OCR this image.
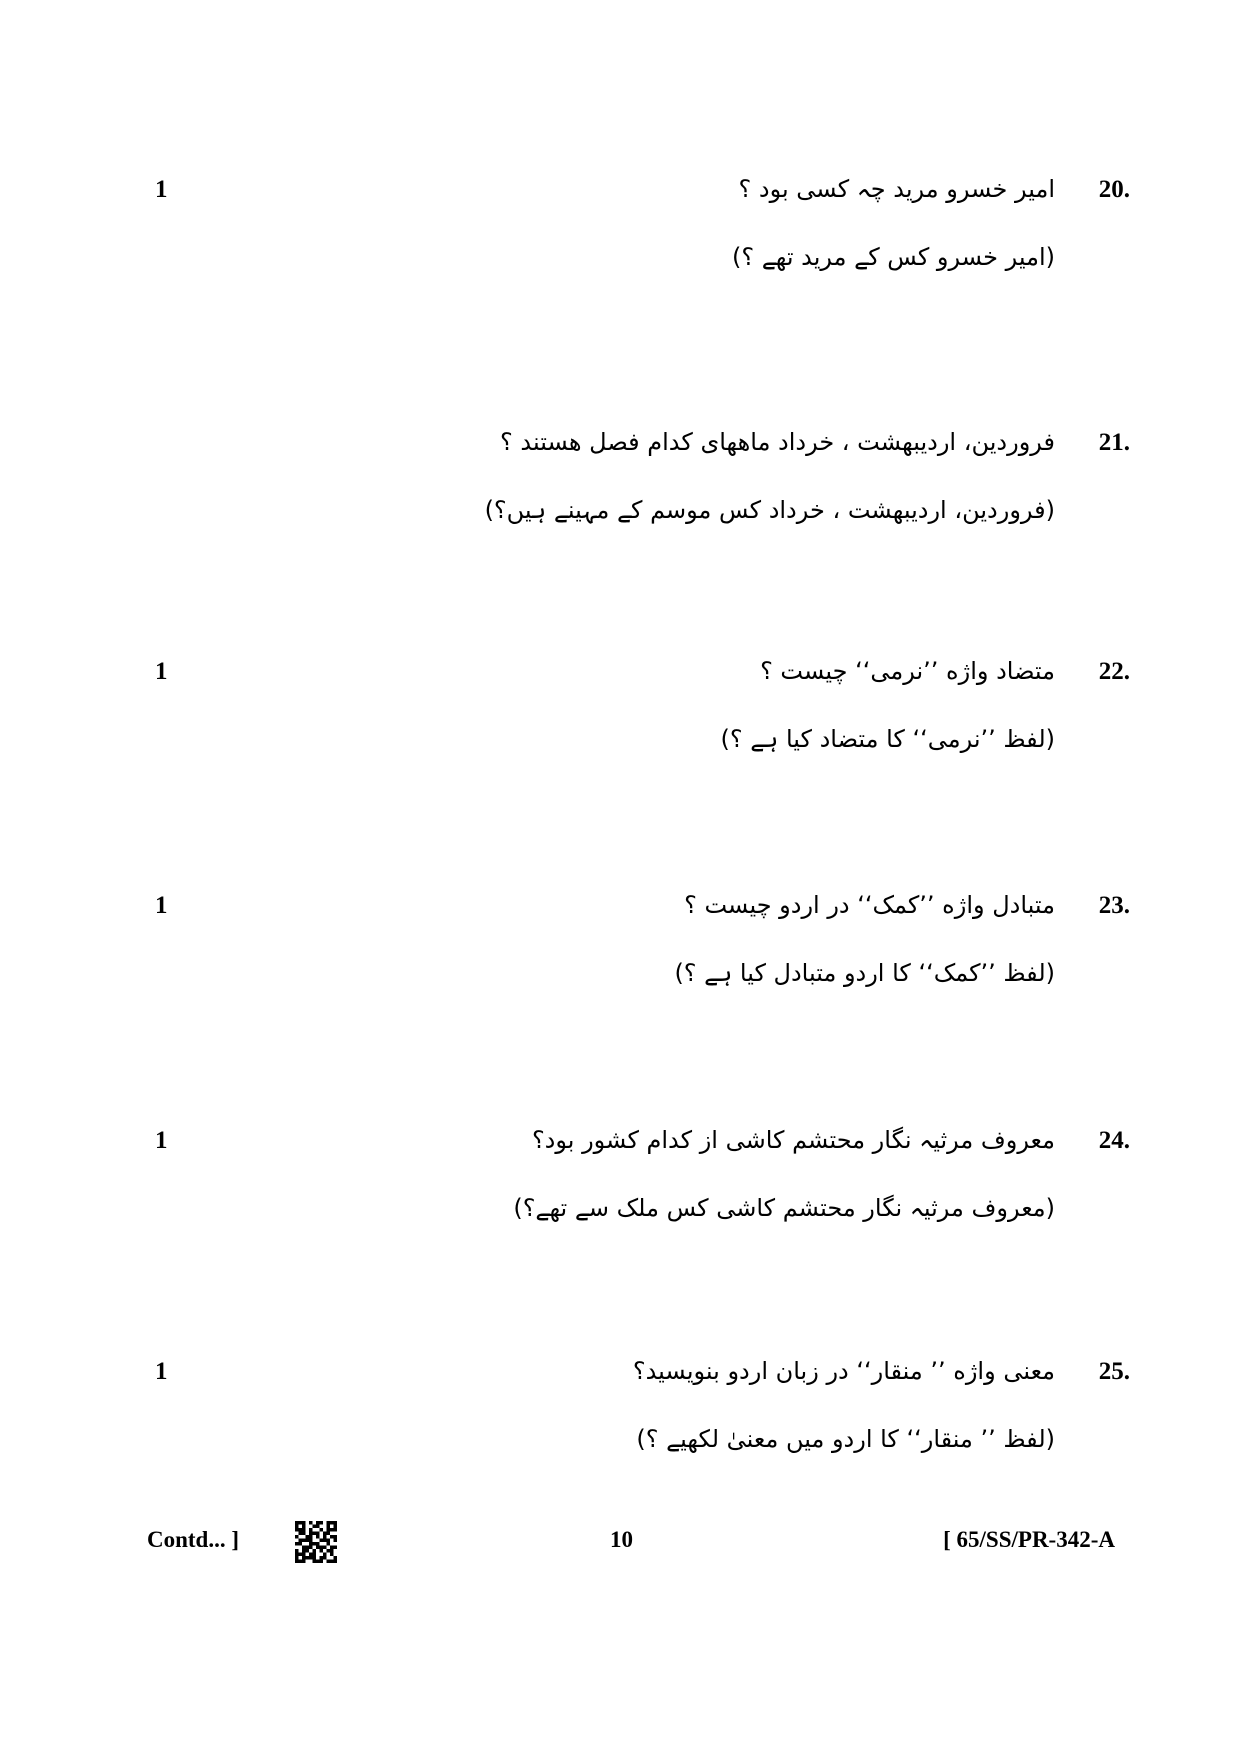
1	20.
امیر خسرو مرید چہ کسی بود ؟
(امیر خسرو کس کے مرید تھے ؟)
21.
فروردین، اردیبهشت ، خرداد ماههای کدام فصل هستند ؟
(فروردین، اردیبهشت ، خرداد کس موسم کے مہینے ہیں؟)
1	22.
متضاد واژه ’’نرمی‘‘ چیست ؟
(لفظ ’’نرمی‘‘ کا متضاد کیا ہے ؟)
1	23.
متبادل واژه ’’کمک‘‘ در اردو چیست ؟
(لفظ ’’کمک‘‘ کا اردو متبادل کیا ہے ؟)
1	24.
معروف مرثیہ نگار محتشم کاشی از کدام کشور بود؟
(معروف مرثیہ نگار محتشم کاشی کس ملک سے تھے؟)
1	25.
معنی واژه ’’ منقار‘‘ در زبان اردو بنویسید؟
(لفظ ’’ منقار‘‘ کا اردو میں معنیٰ لکھیے ؟)
Contd... ]	10	[ 65/SS/PR-342-A
